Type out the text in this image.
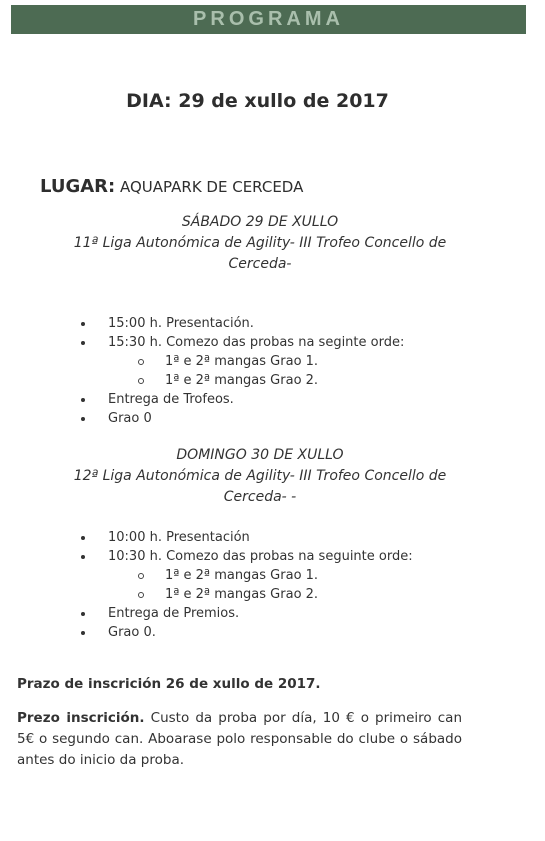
PROGRAMA
DIA: 29 de xullo de 2017
LUGAR: AQUAPARK DE CERCEDA
SÁBADO 29 DE XULLO
11ª Liga Autonómica de Agility- III Trofeo Concello de
Cerceda-
15:00 h. Presentación.
15:30 h. Comezo das probas na seginte orde:
1ª e 2ª mangas Grao 1.
1ª e 2ª mangas Grao 2.
Entrega de Trofeos.
Grao 0
DOMINGO 30 DE XULLO
12ª Liga Autonómica de Agility- III Trofeo Concello de
Cerceda- -
10:00 h. Presentación
10:30 h. Comezo das probas na seguinte orde:
1ª e 2ª mangas Grao 1.
1ª e 2ª mangas Grao 2.
Entrega de Premios.
Grao 0.
Prazo de inscrición 26 de xullo de 2017.
Prezo inscrición. Custo da proba por día, 10 € o primeiro can 5€ o segundo can. Aboarase polo responsable do clube o sábado antes do inicio da proba.
